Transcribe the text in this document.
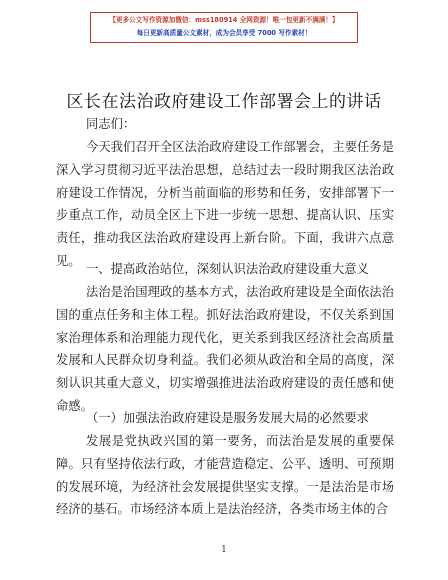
【更多公文写作资源加微信：mss180914 全网资源！唯一包更新不满满！】
每日更新高质量公文素材，成为会员享受 7000 写作素材！
区长在法治政府建设工作部署会上的讲话

同志们：

今天我们召开全区法治政府建设工作部署会，主要任务是深入学习贯彻习近平法治思想，总结过去一段时期我区法治政府建设工作情况，分析当前面临的形势和任务，安排部署下一步重点工作，动员全区上下进一步统一思想、提高认识、压实责任，推动我区法治政府建设再上新台阶。下面，我讲六点意见。

一、提高政治站位，深刻认识法治政府建设重大意义

法治是治国理政的基本方式，法治政府建设是全面依法治国的重点任务和主体工程。抓好法治政府建设，不仅关系到国家治理体系和治理能力现代化，更关系到我区经济社会高质量发展和人民群众切身利益。我们必须从政治和全局的高度，深刻认识其重大意义，切实增强推进法治政府建设的责任感和使命感。

（一）加强法治政府建设是服务发展大局的必然要求

发展是党执政兴国的第一要务，而法治是发展的重要保障。只有坚持依法行政，才能营造稳定、公平、透明、可预期的发展环境，为经济社会发展提供坚实支撑。一是法治是市场经济的基石。市场经济本质上是法治经济，各类市场主体的合

1
